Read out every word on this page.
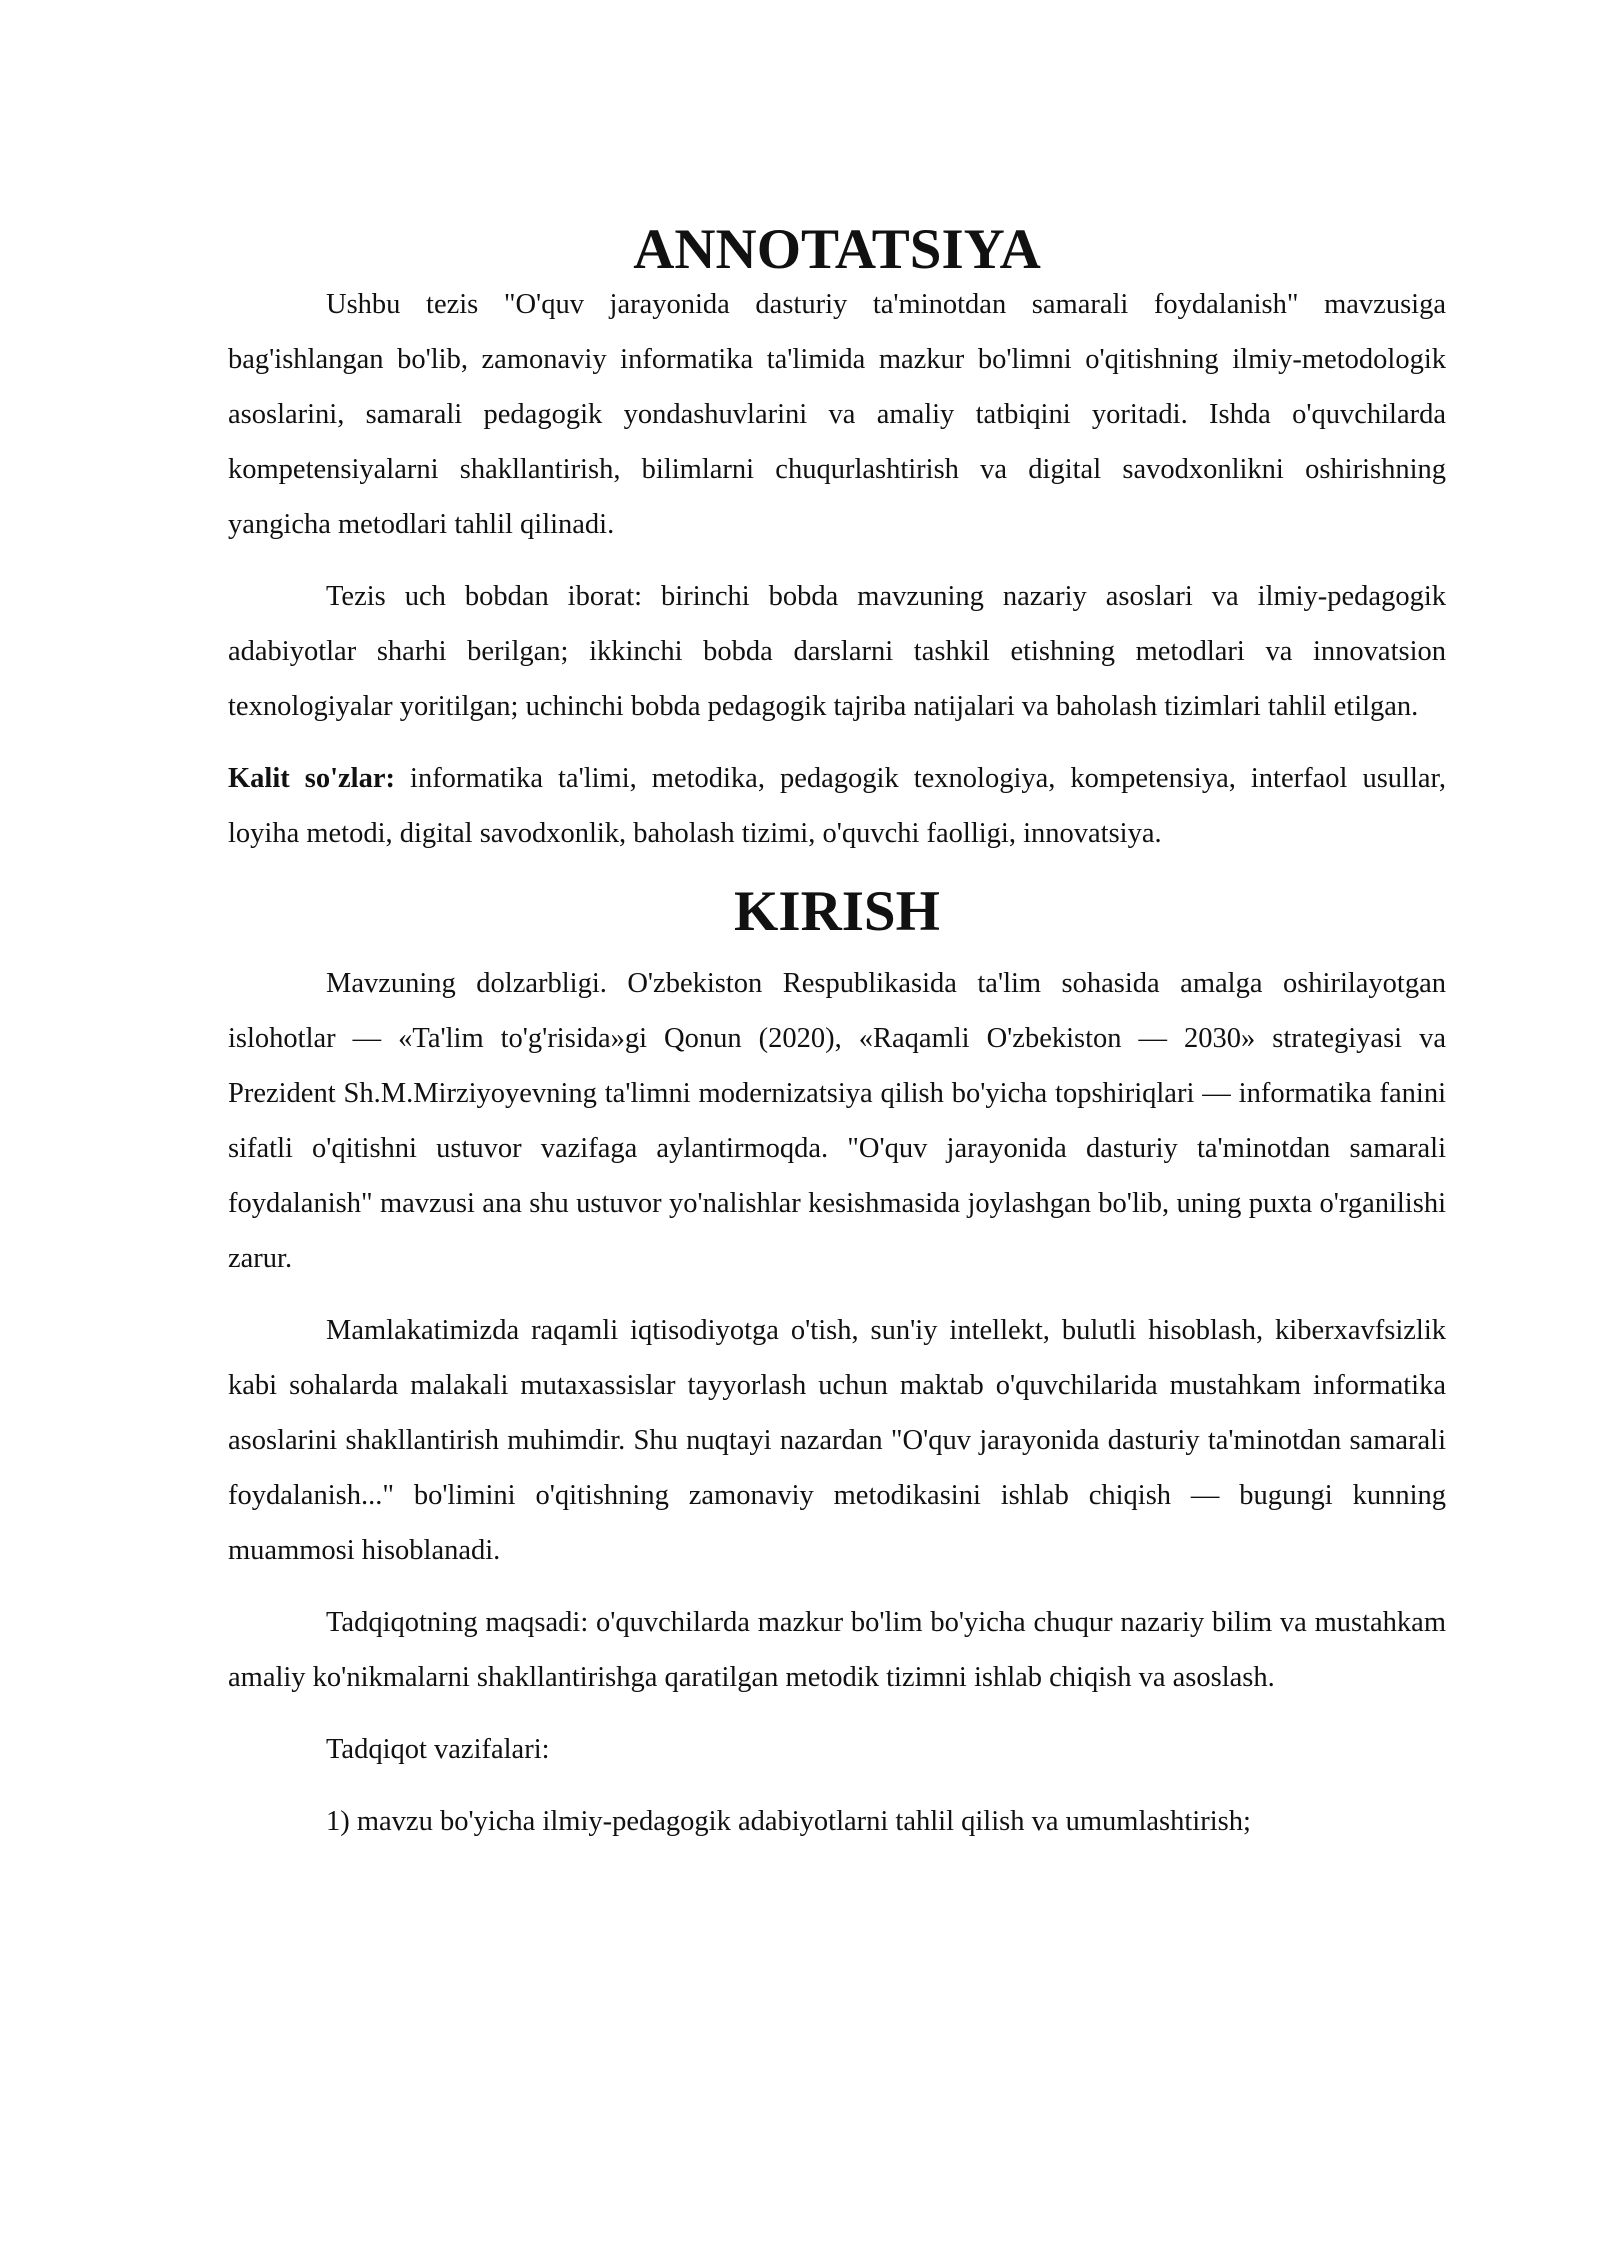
ANNOTATSIYA

Ushbu tezis "O'quv jarayonida dasturiy ta'minotdan samarali foydalanish" mavzusiga bag'ishlangan bo'lib, zamonaviy informatika ta'limida mazkur bo'limni o'qitishning ilmiy-metodologik asoslarini, samarali pedagogik yondashuvlarini va amaliy tatbiqini yoritadi. Ishda o'quvchilarda kompetensiyalarni shakllantirish, bilimlarni chuqurlashtirish va digital savodxonlikni oshirishning yangicha metodlari tahlil qilinadi.

Tezis uch bobdan iborat: birinchi bobda mavzuning nazariy asoslari va ilmiy-pedagogik adabiyotlar sharhi berilgan; ikkinchi bobda darslarni tashkil etishning metodlari va innovatsion texnologiyalar yoritilgan; uchinchi bobda pedagogik tajriba natijalari va baholash tizimlari tahlil etilgan.

Kalit so'zlar: informatika ta'limi, metodika, pedagogik texnologiya, kompetensiya, interfaol usullar, loyiha metodi, digital savodxonlik, baholash tizimi, o'quvchi faolligi, innovatsiya.

KIRISH

Mavzuning dolzarbligi. O'zbekiston Respublikasida ta'lim sohasida amalga oshirilayotgan islohotlar — «Ta'lim to'g'risida»gi Qonun (2020), «Raqamli O'zbekiston — 2030» strategiyasi va Prezident Sh.M.Mirziyoyevning ta'limni modernizatsiya qilish bo'yicha topshiriqlari — informatika fanini sifatli o'qitishni ustuvor vazifaga aylantirmoqda. "O'quv jarayonida dasturiy ta'minotdan samarali foydalanish" mavzusi ana shu ustuvor yo'nalishlar kesishmasida joylashgan bo'lib, uning puxta o'rganilishi zarur.

Mamlakatimizda raqamli iqtisodiyotga o'tish, sun'iy intellekt, bulutli hisoblash, kiberxavfsizlik kabi sohalarda malakali mutaxassislar tayyorlash uchun maktab o'quvchilarida mustahkam informatika asoslarini shakllantirish muhimdir. Shu nuqtayi nazardan "O'quv jarayonida dasturiy ta'minotdan samarali foydalanish..." bo'limini o'qitishning zamonaviy metodikasini ishlab chiqish — bugungi kunning muammosi hisoblanadi.

Tadqiqotning maqsadi: o'quvchilarda mazkur bo'lim bo'yicha chuqur nazariy bilim va mustahkam amaliy ko'nikmalarni shakllantirishga qaratilgan metodik tizimni ishlab chiqish va asoslash.

Tadqiqot vazifalari:

1) mavzu bo'yicha ilmiy-pedagogik adabiyotlarni tahlil qilish va umumlashtirish;
